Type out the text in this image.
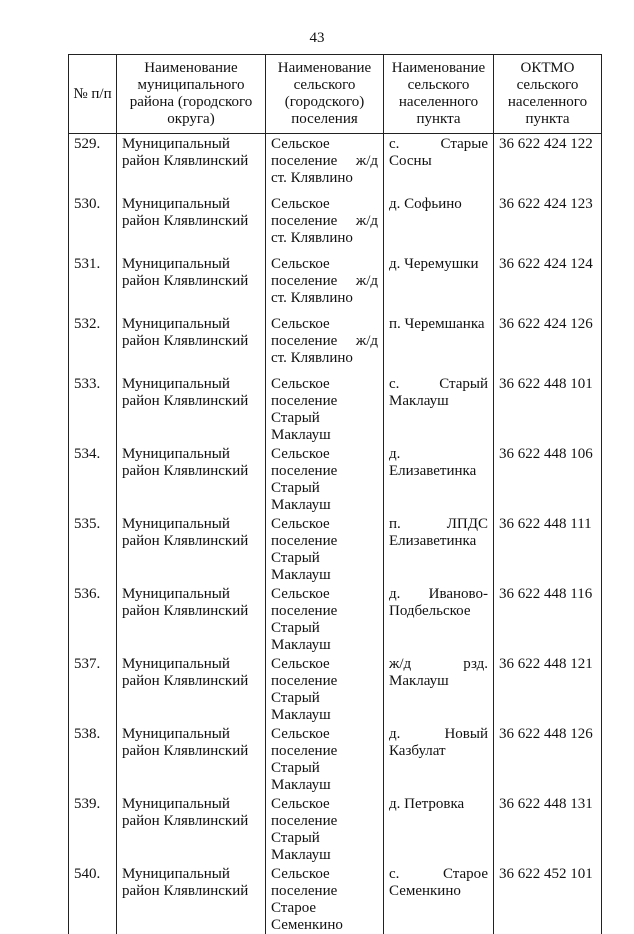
43
№ п/п	Наименование муниципального района (городского округа)	Наименование сельского (городского) поселения	Наименование сельского населенного пункта	ОКТМО сельского населенного пункта
529.	Муниципальный район Клявлинский	Сельское поселение ж/д ст. Клявлино	с. Старые Сосны	36 622 424 122
530.	Муниципальный район Клявлинский	Сельское поселение ж/д ст. Клявлино	д. Софьино	36 622 424 123
531.	Муниципальный район Клявлинский	Сельское поселение ж/д ст. Клявлино	д. Черемушки	36 622 424 124
532.	Муниципальный район Клявлинский	Сельское поселение ж/д ст. Клявлино	п. Черемшанка	36 622 424 126
533.	Муниципальный район Клявлинский	Сельское поселение Старый Маклауш	с. Старый Маклауш	36 622 448 101
534.	Муниципальный район Клявлинский	Сельское поселение Старый Маклауш	д. Елизаветинка	36 622 448 106
535.	Муниципальный район Клявлинский	Сельское поселение Старый Маклауш	п. ЛПДС Елизаветинка	36 622 448 111
536.	Муниципальный район Клявлинский	Сельское поселение Старый Маклауш	д. Иваново-Подбельское	36 622 448 116
537.	Муниципальный район Клявлинский	Сельское поселение Старый Маклауш	ж/д рзд. Маклауш	36 622 448 121
538.	Муниципальный район Клявлинский	Сельское поселение Старый Маклауш	д. Новый Казбулат	36 622 448 126
539.	Муниципальный район Клявлинский	Сельское поселение Старый Маклауш	д. Петровка	36 622 448 131
540.	Муниципальный район Клявлинский	Сельское поселение Старое Семенкино	с. Старое Семенкино	36 622 452 101
